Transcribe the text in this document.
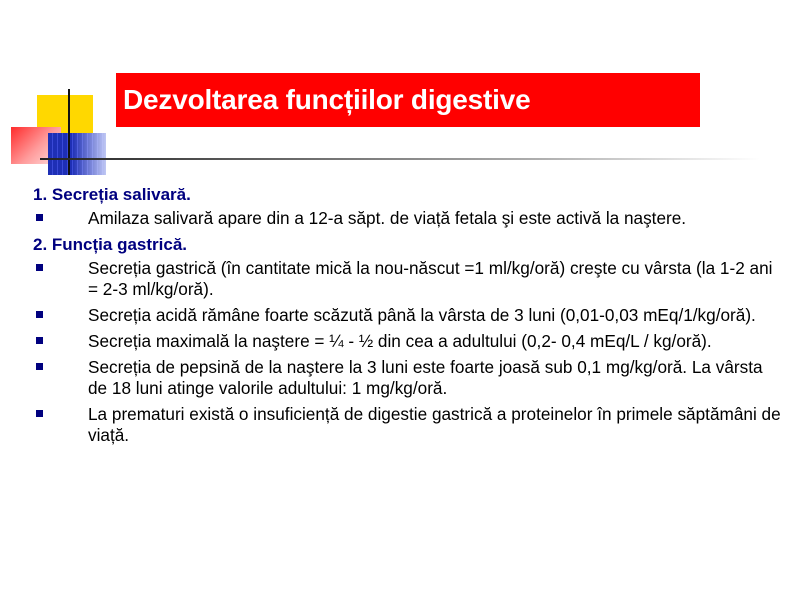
Dezvoltarea funcțiilor digestive
1. Secreția salivară.
Amilaza salivară apare din a 12-a săpt. de viață fetala şi este activă la naştere.
2. Funcția gastrică.
Secreția gastrică (în cantitate mică la nou-născut =1 ml/kg/oră) creşte cu vârsta (la 1-2 ani = 2-3 ml/kg/oră).
Secreția acidă rămâne foarte scăzută până la vârsta de 3 luni (0,01-0,03 mEq/1/kg/oră).
Secreția maximală la naştere = ¼ - ½ din cea a adultului (0,2- 0,4 mEq/L / kg/oră).
Secreția de pepsină de la naştere la 3 luni este foarte joasă sub 0,1 mg/kg/oră. La vârsta de 18 luni atinge valorile adultului: 1 mg/kg/oră.
La prematuri există o insuficiență de digestie gastrică a proteinelor în primele săptămâni de viață.
